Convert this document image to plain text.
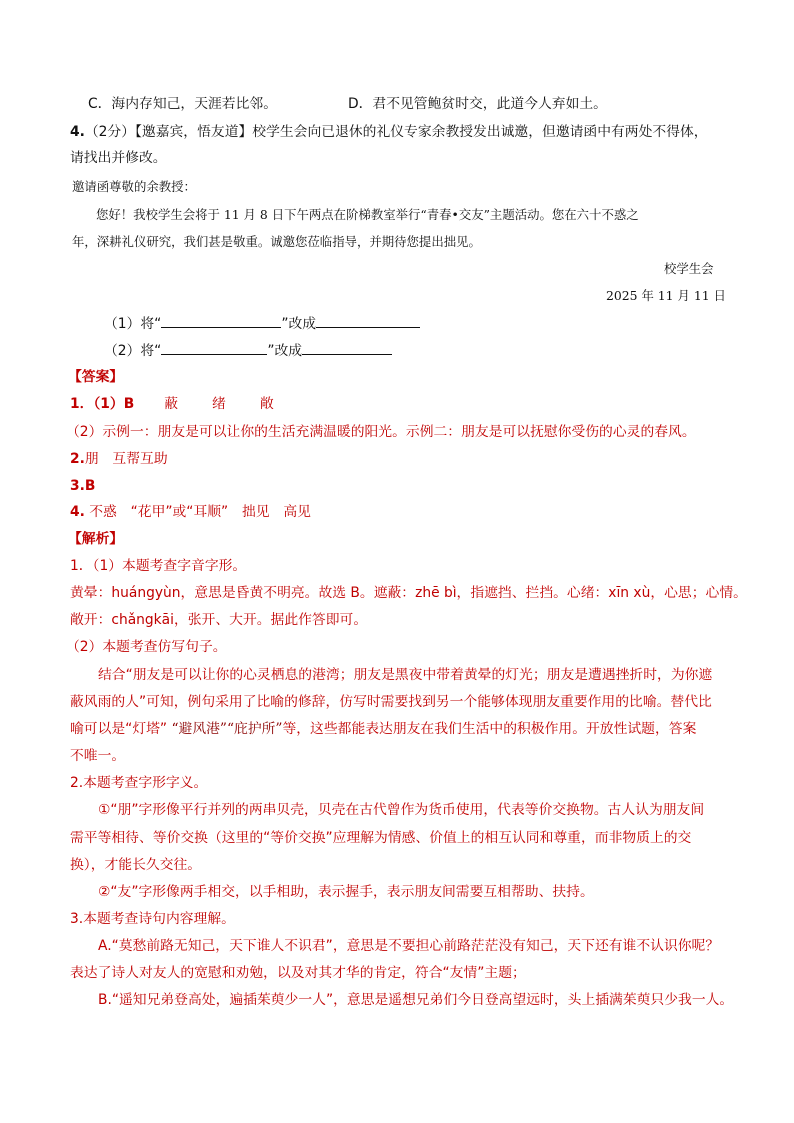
C．海内存知己，天涯若比邻。	D．君不见管鲍贫时交，此道今人弃如土。
4.（2分）【邀嘉宾，悟友道】校学生会向已退休的礼仪专家余教授发出诚邀，但邀请函中有两处不得体，
请找出并修改。
邀请函尊敬的余教授：
您好！我校学生会将于 11 月 8 日下午两点在阶梯教室举行“青春•交友”主题活动。您在六十不惑之
年，深耕礼仪研究，我们甚是敬重。诚邀您莅临指导，并期待您提出拙见。
校学生会
2025 年 11 月 11 日
（1）将“	”改成
（2）将“	”改成
【答案】
1．（1）B 蔽 绪 敞
（2）示例一：朋友是可以让你的生活充满温暖的阳光。示例二：朋友是可以抚慰你受伤的心灵的春风。
2.朋　互帮互助
3.B
4. 不惑　“花甲”或“耳顺”　拙见　高见
【解析】
1．（1）本题考查字音字形。
黄晕：huángyùn，意思是昏黄不明亮。故选 B。遮蔽：zhē bì，指遮挡、拦挡。心绪：xīn xù，心思；心情。
敞开：chǎngkāi，张开、大开。据此作答即可。
（2）本题考查仿写句子。
结合“朋友是可以让你的心灵栖息的港湾；朋友是黑夜中带着黄晕的灯光；朋友是遭遇挫折时，为你遮
蔽风雨的人”可知，例句采用了比喻的修辞，仿写时需要找到另一个能够体现朋友重要作用的比喻。替代比
喻可以是“灯塔” “避风港”“庇护所”等，这些都能表达朋友在我们生活中的积极作用。开放性试题，答案
不唯一。
2.本题考查字形字义。
①“朋”字形像平行并列的两串贝壳，贝壳在古代曾作为货币使用，代表等价交换物。古人认为朋友间
需平等相待、等价交换（这里的“等价交换”应理解为情感、价值上的相互认同和尊重，而非物质上的交
换），才能长久交往。
②“友”字形像两手相交，以手相助，表示握手，表示朋友间需要互相帮助、扶持。
3.本题考查诗句内容理解。
A.“莫愁前路无知己，天下谁人不识君”，意思是不要担心前路茫茫没有知己，天下还有谁不认识你呢？
表达了诗人对友人的宽慰和劝勉，以及对其才华的肯定，符合“友情”主题；
B.“遥知兄弟登高处，遍插茱萸少一人”，意思是遥想兄弟们今日登高望远时，头上插满茱萸只少我一人。
